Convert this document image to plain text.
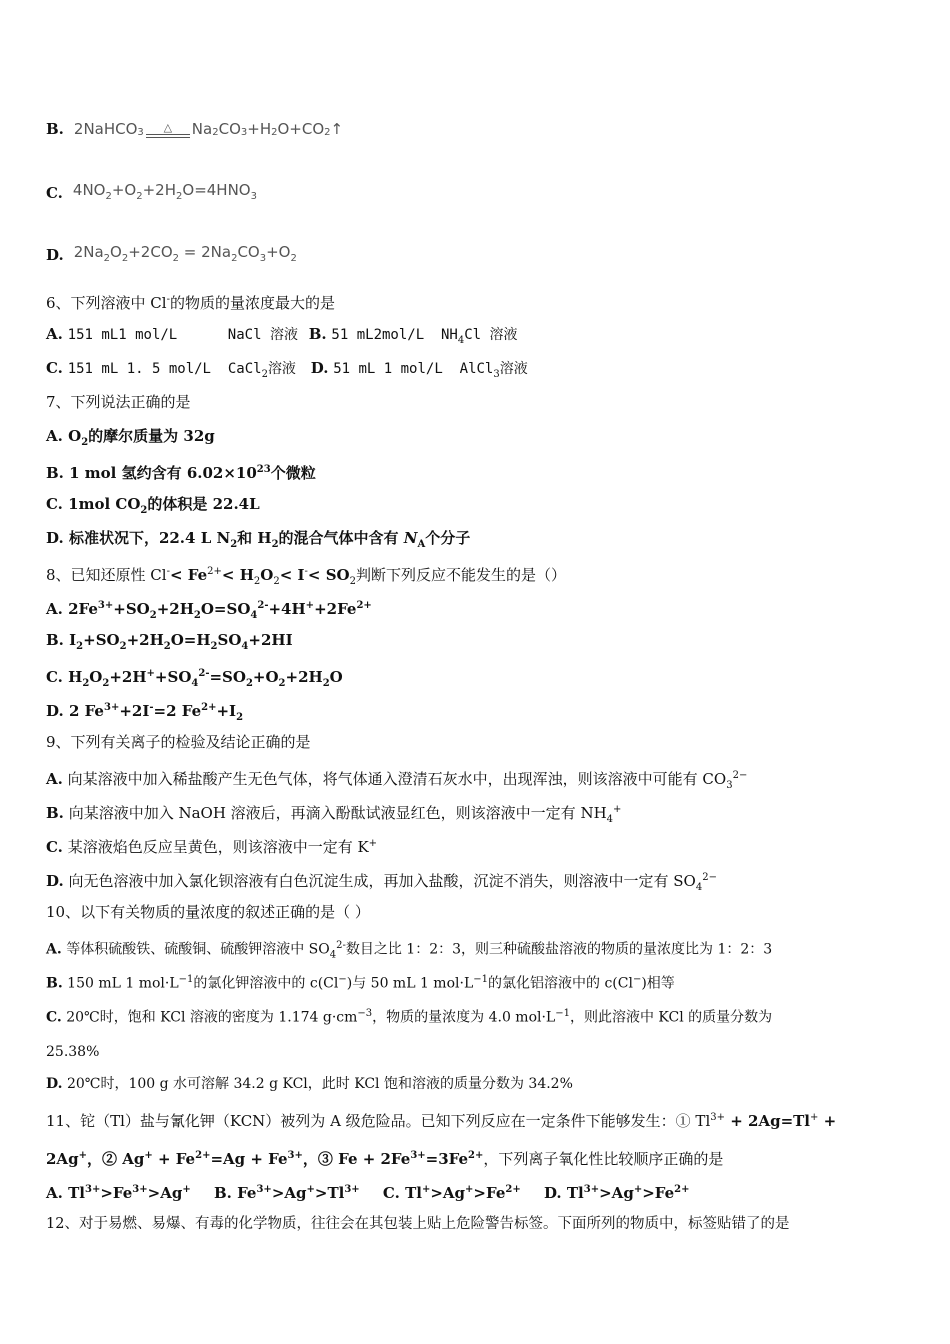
B. 2NaHCO$_3$	△	$Na_2$ $CO_3 +H_2$ $O+CO_2$ ↑
C. $4NO_2+O_2+2H_2O=4HNO_3$
D. $2Na_2O_2+2CO_2 = 2Na_2CO_3+O_2$
6、下列溶液中 Cl-的物质的量浓度最大的是
A. 151 mL1 mol/L      NaCl 溶液 B. 51 mL2mol/L  $NH_4Cl$ 溶液
C. 151 mL 1. 5 mol/L  CaCl$_2$溶液 D. 51 mL 1 mol/L  AlCl$_3$溶液
7、下列说法正确的是
A. $O_2$的摩尔质量为 32g
B. 1 mol 氢约含有 $6.02\times 10^{23}$个微粒
C. 1mol $CO_2$的体积是 22.4L
D. 标准状况下，22.4 L $N_2$和 $H_2$的混合气体中含有 $N_A$个分子
8、已知还原性 $Cl^-< Fe^{2+}< H_2O_2< I^-< SO_2$判断下列反应不能发生的是（）
A. $2Fe^{3+}+SO_2+2H_2O=SO_4^{2-}+4H^++2Fe^{2+}$
B. $I_2+SO_2+2H_2O=H_2SO_4+2HI$
C. $H_2O_2+2H^++SO_4^{2-}=SO_2+O_2+2H_2O$
D. 2 $Fe^{3+}+2I^-=2$ $Fe^{2+}+I_2$
9、下列有关离子的检验及结论正确的是
A. 向某溶液中加入稀盐酸产生无色气体，将气体通入澄清石灰水中，出现浑浊，则该溶液中可能有 $CO_3^{2-}$
B. 向某溶液中加入 NaOH 溶液后，再滴入酚酞试液显红色，则该溶液中一定有 $NH_4^+$
C. 某溶液焰色反应呈黄色，则该溶液中一定有 K+
D. 向无色溶液中加入氯化钡溶液有白色沉淀生成，再加入盐酸，沉淀不消失，则溶液中一定有 $SO_4^{2-}$
10、以下有关物质的量浓度的叙述正确的是（ ）
A. 等体积硫酸铁、硫酸铜、硫酸钾溶液中 $SO_4^{2-}$数目之比 1：2：3，则三种硫酸盐溶液的物质的量浓度比为 1：2：3
B. 150 mL 1 $mol\cdot L^{-1}$的氯化钾溶液中的 c(Cl−)与 50 mL 1 $mol\cdot L^{-1}$的氯化铝溶液中的 c(Cl−)相等
C. 20℃时，饱和 KCl 溶液的密度为 1.174 $g\cdot cm^{-3}$，物质的量浓度为 4.0 $mol\cdot L^{-1}$，则此溶液中 KCl 的质量分数为
25.38%
D. 20℃时，100 g 水可溶解 34.2 g KCl，此时 KCl 饱和溶液的质量分数为 34.2%
11、铊（Tl）盐与氰化钾（KCN）被列为 A 级危险品。已知下列反应在一定条件下能够发生：① $Tl^{3+} + 2Ag=Tl^+$ +
2Ag+，② $Ag^+ + Fe^{2+}=Ag + Fe^{3+}$，③ $Fe + 2Fe^{3+}=3Fe^{2+}$，下列离子氧化性比较顺序正确的是
A. $Tl^{3+}>Fe^{3+}>Ag^+$ B. $Fe^{3+}>Ag^+>Tl^{3+}$ C. $Tl^+>Ag^+>Fe^{2+}$ D. $Tl^{3+}>Ag^+>Fe^{2+}$
12、对于易燃、易爆、有毒的化学物质，往往会在其包装上贴上危险警告标签。下面所列的物质中，标签贴错了的是
